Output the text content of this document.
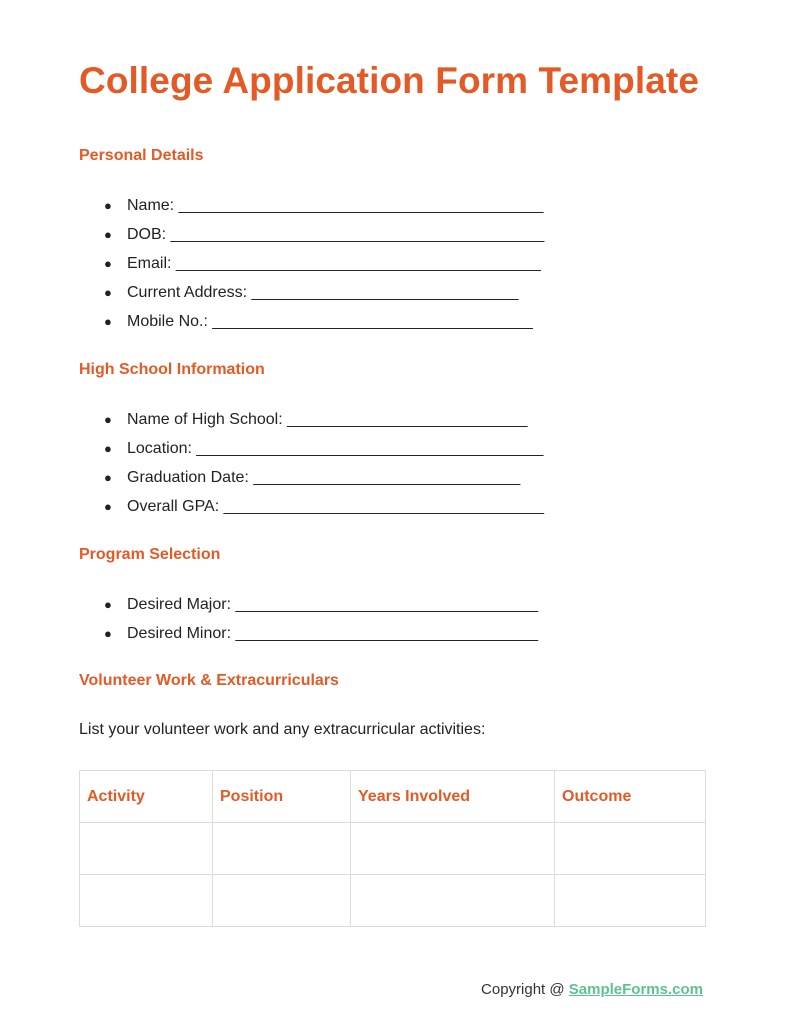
College Application Form Template
Personal Details
● Name: _________________________________________
● DOB: __________________________________________
● Email: _________________________________________
● Current Address: ______________________________
● Mobile No.: ____________________________________
High School Information
● Name of High School: ___________________________
● Location: _______________________________________
● Graduation Date: ______________________________
● Overall GPA: ____________________________________
Program Selection
● Desired Major: __________________________________
● Desired Minor: __________________________________
Volunteer Work & Extracurriculars
List your volunteer work and any extracurricular activities:
Activity	Position	Years Involved	Outcome

Copyright @ SampleForms.com
